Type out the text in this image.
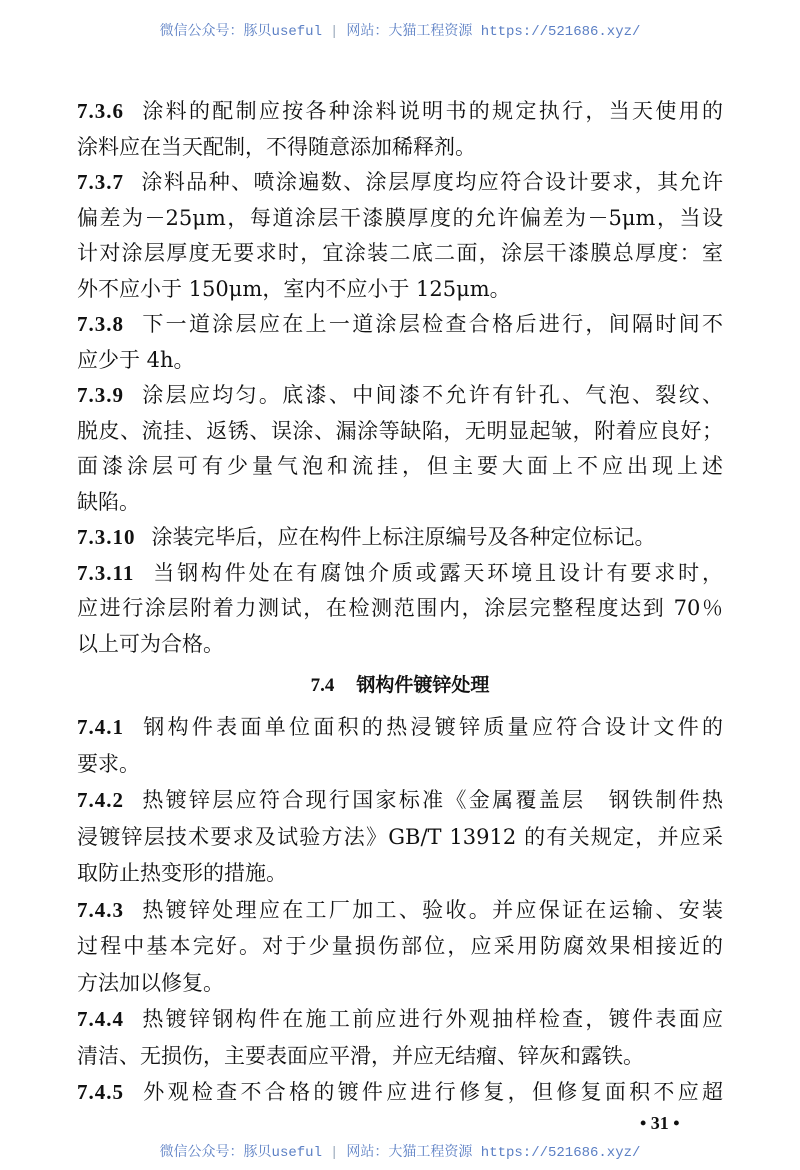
微信公众号：豚贝useful | 网站：大猫工程资源 https://521686.xyz/
7.3.6 涂料的配制应按各种涂料说明书的规定执行，当天使用的
涂料应在当天配制，不得随意添加稀释剂。
7.3.7 涂料品种、喷涂遍数、涂层厚度均应符合设计要求，其允许
偏差为－25μm，每道涂层干漆膜厚度的允许偏差为－5μm，当设
计对涂层厚度无要求时，宜涂装二底二面，涂层干漆膜总厚度：室
外不应小于 150μm，室内不应小于 125μm。
7.3.8 下一道涂层应在上一道涂层检查合格后进行，间隔时间不
应少于 4h。
7.3.9 涂层应均匀。底漆、中间漆不允许有针孔、气泡、裂纹、
脱皮、流挂、返锈、误涂、漏涂等缺陷，无明显起皱，附着应良好；
面漆涂层可有少量气泡和流挂，但主要大面上不应出现上述
缺陷。
7.3.10 涂装完毕后，应在构件上标注原编号及各种定位标记。
7.3.11 当钢构件处在有腐蚀介质或露天环境且设计有要求时，
应进行涂层附着力测试，在检测范围内，涂层完整程度达到 70％
以上可为合格。
7.4 钢构件镀锌处理
7.4.1 钢构件表面单位面积的热浸镀锌质量应符合设计文件的
要求。
7.4.2 热镀锌层应符合现行国家标准《金属覆盖层　钢铁制件热
浸镀锌层技术要求及试验方法》GB/T 13912 的有关规定，并应采
取防止热变形的措施。
7.4.3 热镀锌处理应在工厂加工、验收。并应保证在运输、安装
过程中基本完好。对于少量损伤部位，应采用防腐效果相接近的
方法加以修复。
7.4.4 热镀锌钢构件在施工前应进行外观抽样检查，镀件表面应
清洁、无损伤，主要表面应平滑，并应无结瘤、锌灰和露铁。
7.4.5 外观检查不合格的镀件应进行修复，但修复面积不应超
• 31 •
微信公众号：豚贝useful | 网站：大猫工程资源 https://521686.xyz/
